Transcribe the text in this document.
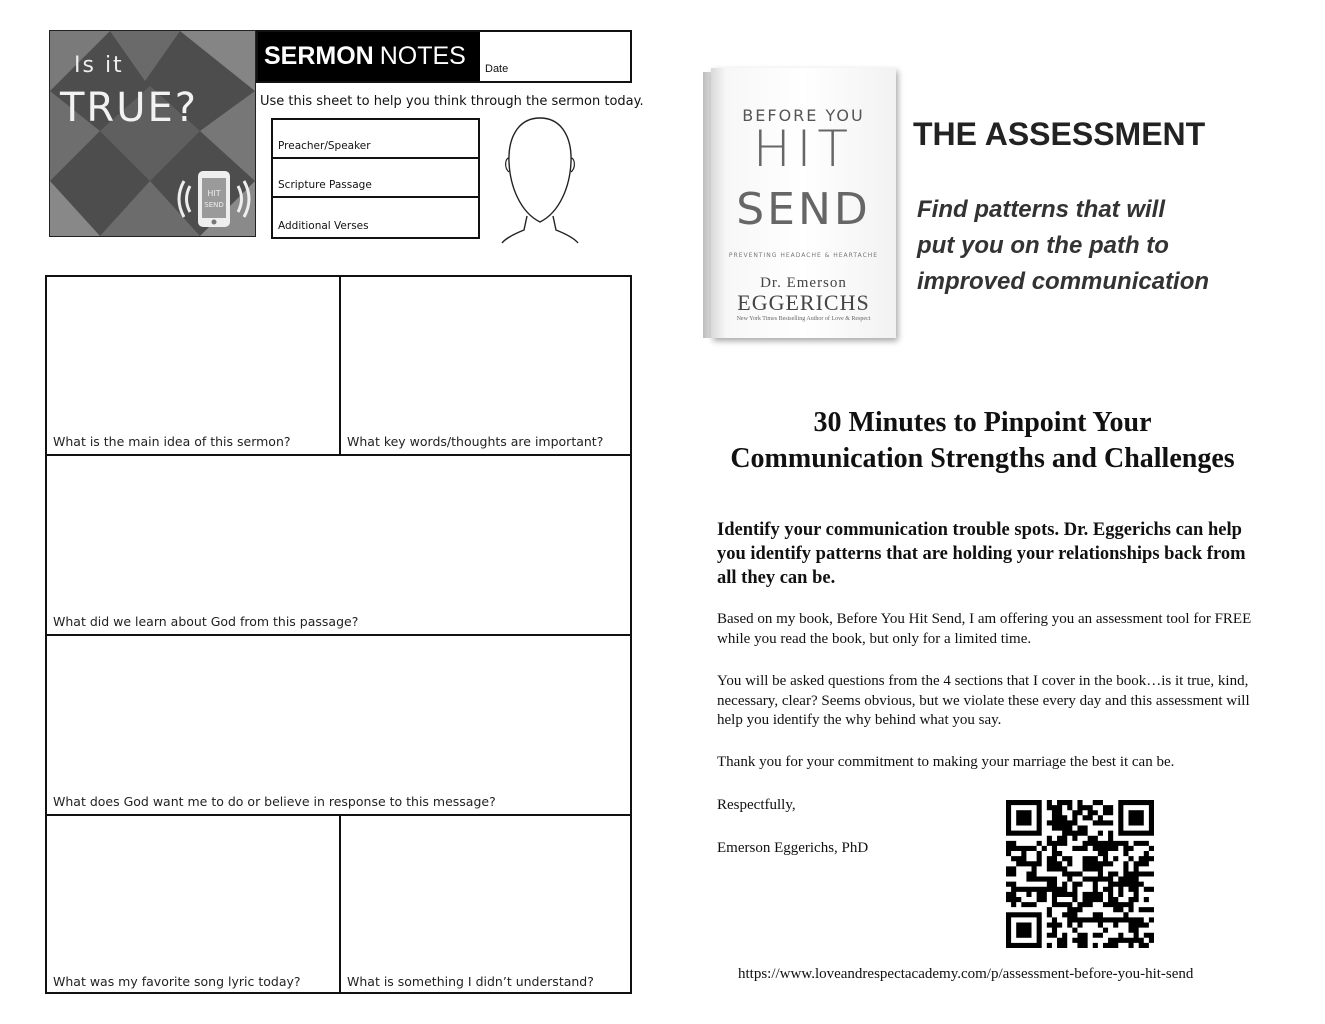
HIT
SEND
Is it
TRUE?
SERMON NOTES Date
Use this sheet to help you think through the sermon today.
Preacher/Speaker
Scripture Passage
Additional Verses
What is the main idea of this sermon?	What key words/thoughts are important?
What did we learn about God from this passage?
What does God want me to do or believe in response to this message?
What was my favorite song lyric today?	What is something I didn’t understand?
BEFORE YOU
HIT
SEND
PREVENTING HEADACHE & HEARTACHE
Dr. Emerson
EGGERICHS
New York Times Bestselling Author of Love & Respect
THE ASSESSMENT
Find patterns that will
put you on the path to
improved communication
30 Minutes to Pinpoint Your
Communication Strengths and Challenges
Identify your communication trouble spots. Dr. Eggerichs can help you identify patterns that are holding your relationships back from all they can be.
Based on my book, Before You Hit Send, I am offering you an assessment tool for FREE while you read the book, but only for a limited time.
You will be asked questions from the 4 sections that I cover in the book…is it true, kind, necessary, clear? Seems obvious, but we violate these every day and this assessment will help you identify the why behind what you say.
Thank you for your commitment to making your marriage the best it can be.
Respectfully,
Emerson Eggerichs, PhD
https://www.loveandrespectacademy.com/p/assessment-before-you-hit-send
